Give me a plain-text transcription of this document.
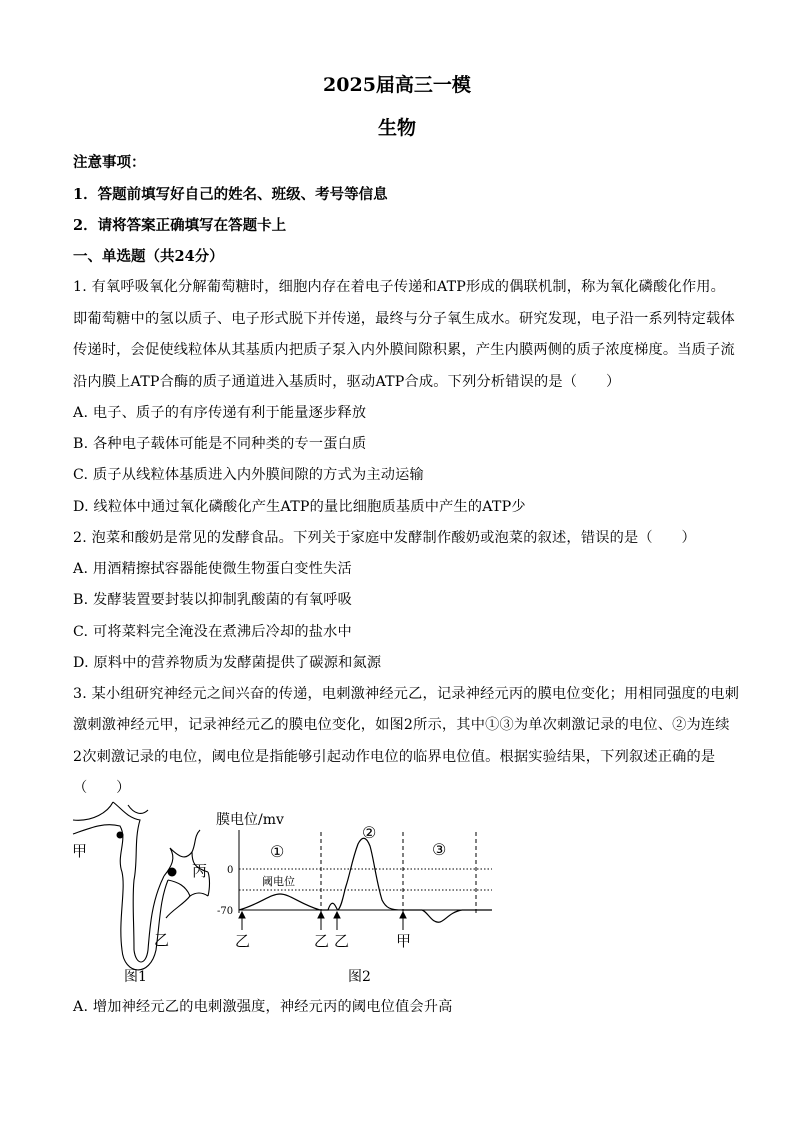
2025届高三一模
生物
注意事项：
1．答题前填写好自己的姓名、班级、考号等信息
2．请将答案正确填写在答题卡上
一、单选题（共24分）
1. 有氧呼吸氧化分解葡萄糖时，细胞内存在着电子传递和ATP形成的偶联机制，称为氧化磷酸化作用。
即葡萄糖中的氢以质子、电子形式脱下并传递，最终与分子氧生成水。研究发现，电子沿一系列特定载体
传递时，会促使线粒体从其基质内把质子泵入内外膜间隙积累，产生内膜两侧的质子浓度梯度。当质子流
沿内膜上ATP合酶的质子通道进入基质时，驱动ATP合成。下列分析错误的是（　　）
A. 电子、质子的有序传递有利于能量逐步释放
B. 各种电子载体可能是不同种类的专一蛋白质
C. 质子从线粒体基质进入内外膜间隙的方式为主动运输
D. 线粒体中通过氧化磷酸化产生ATP的量比细胞质基质中产生的ATP少
2. 泡菜和酸奶是常见的发酵食品。下列关于家庭中发酵制作酸奶或泡菜的叙述，错误的是（　　）
A. 用酒精擦拭容器能使微生物蛋白变性失活
B. 发酵装置要封装以抑制乳酸菌的有氧呼吸
C. 可将菜料完全淹没在煮沸后冷却的盐水中
D. 原料中的营养物质为发酵菌提供了碳源和氮源
3. 某小组研究神经元之间兴奋的传递，电刺激神经元乙，记录神经元丙的膜电位变化；用相同强度的电刺
激刺激神经元甲，记录神经元乙的膜电位变化，如图2所示，其中①③为单次刺激记录的电位、②为连续
2次刺激记录的电位，阈电位是指能够引起动作电位的临界电位值。根据实验结果，下列叙述正确的是
（　　）
甲
丙
乙
图1
膜电位/mv
-70
0
阈电位
①
②
③
乙	乙 乙	甲
图2
A. 增加神经元乙的电刺激强度，神经元丙的阈电位值会升高
